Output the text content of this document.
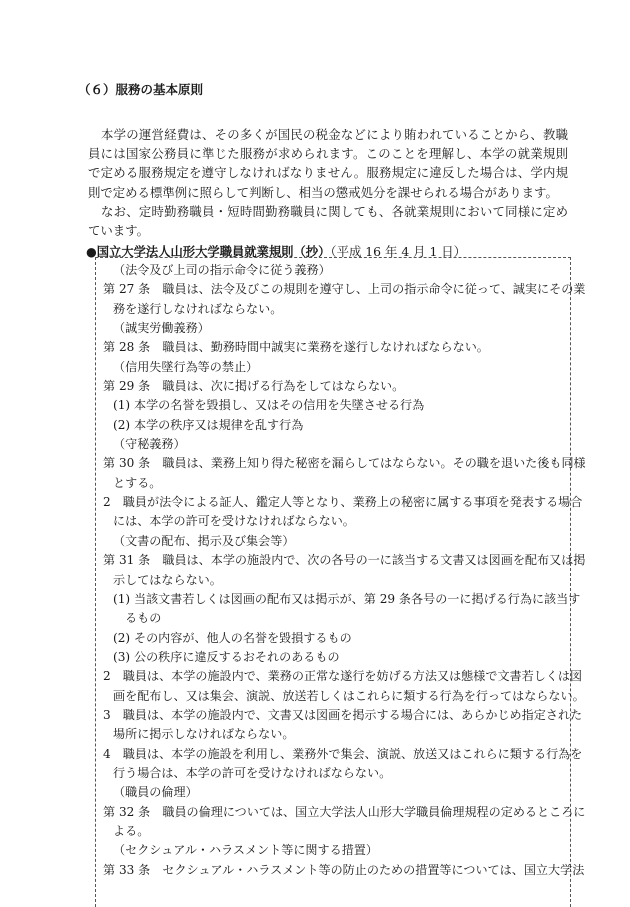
（６）服務の基本原則

本学の運営経費は、その多くが国民の税金などにより賄われていることから、教職員には国家公務員に準じた服務が求められます。このことを理解し、本学の就業規則で定める服務規定を遵守しなければなりません。服務規定に違反した場合は、学内規則で定める標準例に照らして判断し、相当の懲戒処分を課せられる場合があります。

なお、定時勤務職員・短時間勤務職員に関しても、各就業規則において同様に定めています。

●国立大学法人山形大学職員就業規則（抄）（平成 16 年 4 月 1 日）
（法令及び上司の指示命令に従う義務）
第 27 条　職員は、法令及びこの規則を遵守し、上司の指示命令に従って、誠実にその業
務を遂行しなければならない。
（誠実労働義務）
第 28 条　職員は、勤務時間中誠実に業務を遂行しなければならない。
（信用失墜行為等の禁止）
第 29 条　職員は、次に掲げる行為をしてはならない。
(1) 本学の名誉を毀損し、又はその信用を失墜させる行為
(2) 本学の秩序又は規律を乱す行為
（守秘義務）
第 30 条　職員は、業務上知り得た秘密を漏らしてはならない。その職を退いた後も同様
とする。
2　職員が法令による証人、鑑定人等となり、業務上の秘密に属する事項を発表する場合
には、本学の許可を受けなければならない。
（文書の配布、掲示及び集会等）
第 31 条　職員は、本学の施設内で、次の各号の一に該当する文書又は図画を配布又は掲
示してはならない。
(1) 当該文書若しくは図画の配布又は掲示が、第 29 条各号の一に掲げる行為に該当す
るもの
(2) その内容が、他人の名誉を毀損するもの
(3) 公の秩序に違反するおそれのあるもの
2　職員は、本学の施設内で、業務の正常な遂行を妨げる方法又は態様で文書若しくは図
画を配布し、又は集会、演説、放送若しくはこれらに類する行為を行ってはならない。
3　職員は、本学の施設内で、文書又は図画を掲示する場合には、あらかじめ指定された
場所に掲示しなければならない。
4　職員は、本学の施設を利用し、業務外で集会、演説、放送又はこれらに類する行為を
行う場合は、本学の許可を受けなければならない。
（職員の倫理）
第 32 条　職員の倫理については、国立大学法人山形大学職員倫理規程の定めるところに
よる。
（セクシュアル・ハラスメント等に関する措置）
第 33 条　セクシュアル・ハラスメント等の防止のための措置等については、国立大学法
